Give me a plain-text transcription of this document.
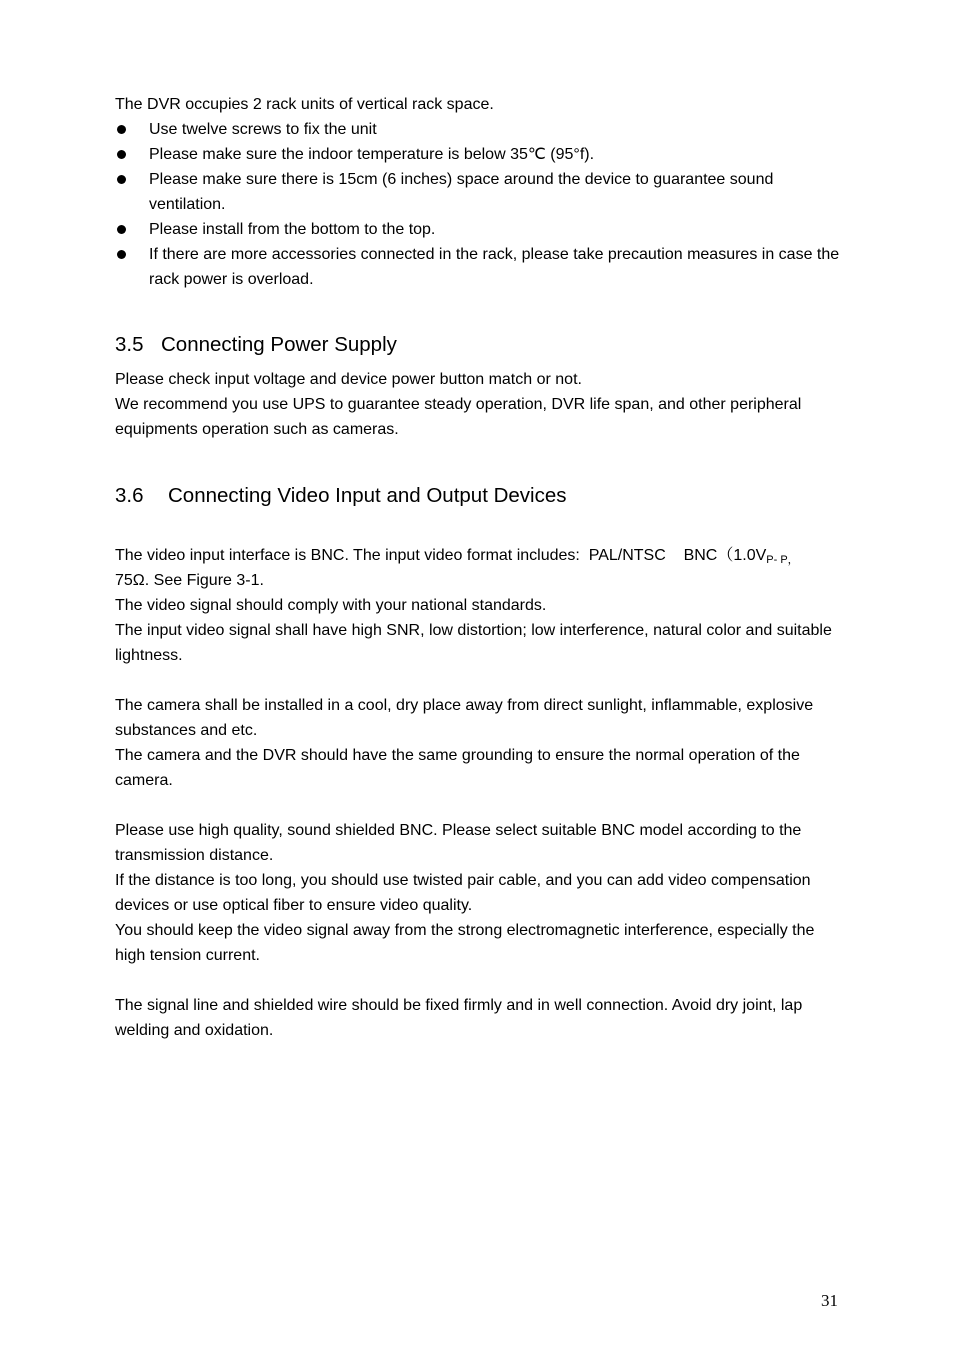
The DVR occupies 2 rack units of vertical rack space.

Use twelve screws to fix the unit
Please make sure the indoor temperature is below 35℃ (95°f).
Please make sure there is 15cm (6 inches) space around the device to guarantee sound ventilation.
Please install from the bottom to the top.
If there are more accessories connected in the rack, please take precaution measures in case the rack power is overload.
3.5 Connecting Power Supply

Please check input voltage and device power button match or not.

We recommend you use UPS to guarantee steady operation, DVR life span, and other peripheral equipments operation such as cameras.

3.6 Connecting Video Input and Output Devices

The video input interface is BNC. The input video format includes:  PAL/NTSC    $BNC(1.0V_{P- P,}$
75Ω. See Figure 3-1.

The video signal should comply with your national standards.

The input video signal shall have high SNR, low distortion; low interference, natural color and suitable lightness.

The camera shall be installed in a cool, dry place away from direct sunlight, inflammable, explosive substances and etc.

The camera and the DVR should have the same grounding to ensure the normal operation of the camera.

Please use high quality, sound shielded BNC. Please select suitable BNC model according to the transmission distance.

If the distance is too long, you should use twisted pair cable, and you can add video compensation devices or use optical fiber to ensure video quality.

You should keep the video signal away from the strong electromagnetic interference, especially the high tension current.

The signal line and shielded wire should be fixed firmly and in well connection. Avoid dry joint, lap welding and oxidation.

31
